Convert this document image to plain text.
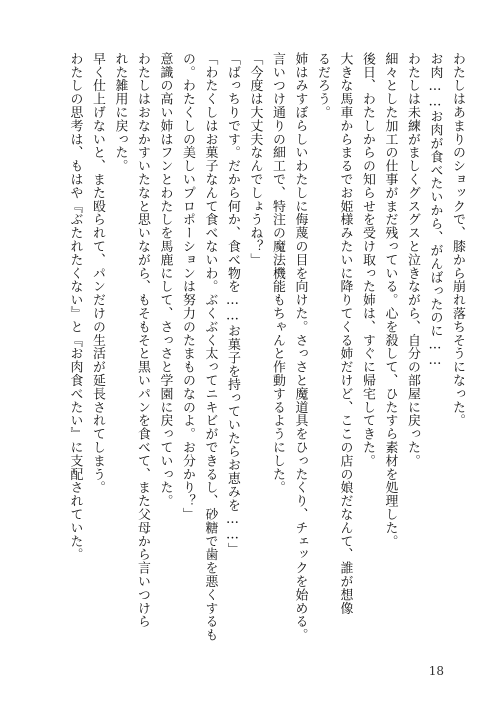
わたしはあまりのショックで、膝から崩れ落ちそうになった。

お肉……お肉が食べたいから、がんばったのに……

わたしは未練がましくグスグスと泣きながら、自分の部屋に戻った。

細々とした加工の仕事がまだ残っている。心を殺して、ひたすら素材を処理した。

後日、わたしからの知らせを受け取った姉は、すぐに帰宅してきた。

大きな馬車からまるでお姫様みたいに降りてくる姉だけど、ここの店の娘だなんて、誰が想像

るだろう。

姉はみすぼらしいわたしに侮蔑の目を向けた。さっさと魔道具をひったくり、チェックを始める。

言いつけ通りの細工で、特注の魔法機能もちゃんと作動するようにした。

「今度は大丈夫なんでしょうね？」

「ばっちりです。だから何か、食べ物を……お菓子を持っていたらお恵みを……」

「わたくしはお菓子なんて食べないわ。ぶくぶく太ってニキビができるし、砂糖で歯を悪くするも

の。わたくしの美しいプロポーションは努力のたまものなのよ。お分かり？」

意識の高い姉はフンとわたしを馬鹿にして、さっさと学園に戻っていった。

わたしはおなかすいたなと思いながら、もそもそと黒いパンを食べて、また父母から言いつけら

れた雑用に戻った。

早く仕上げないと、また殴られて、パンだけの生活が延長されてしまう。

わたしの思考は、もはや『ぶたれたくない』と『お肉食べたい』に支配されていた。

18
